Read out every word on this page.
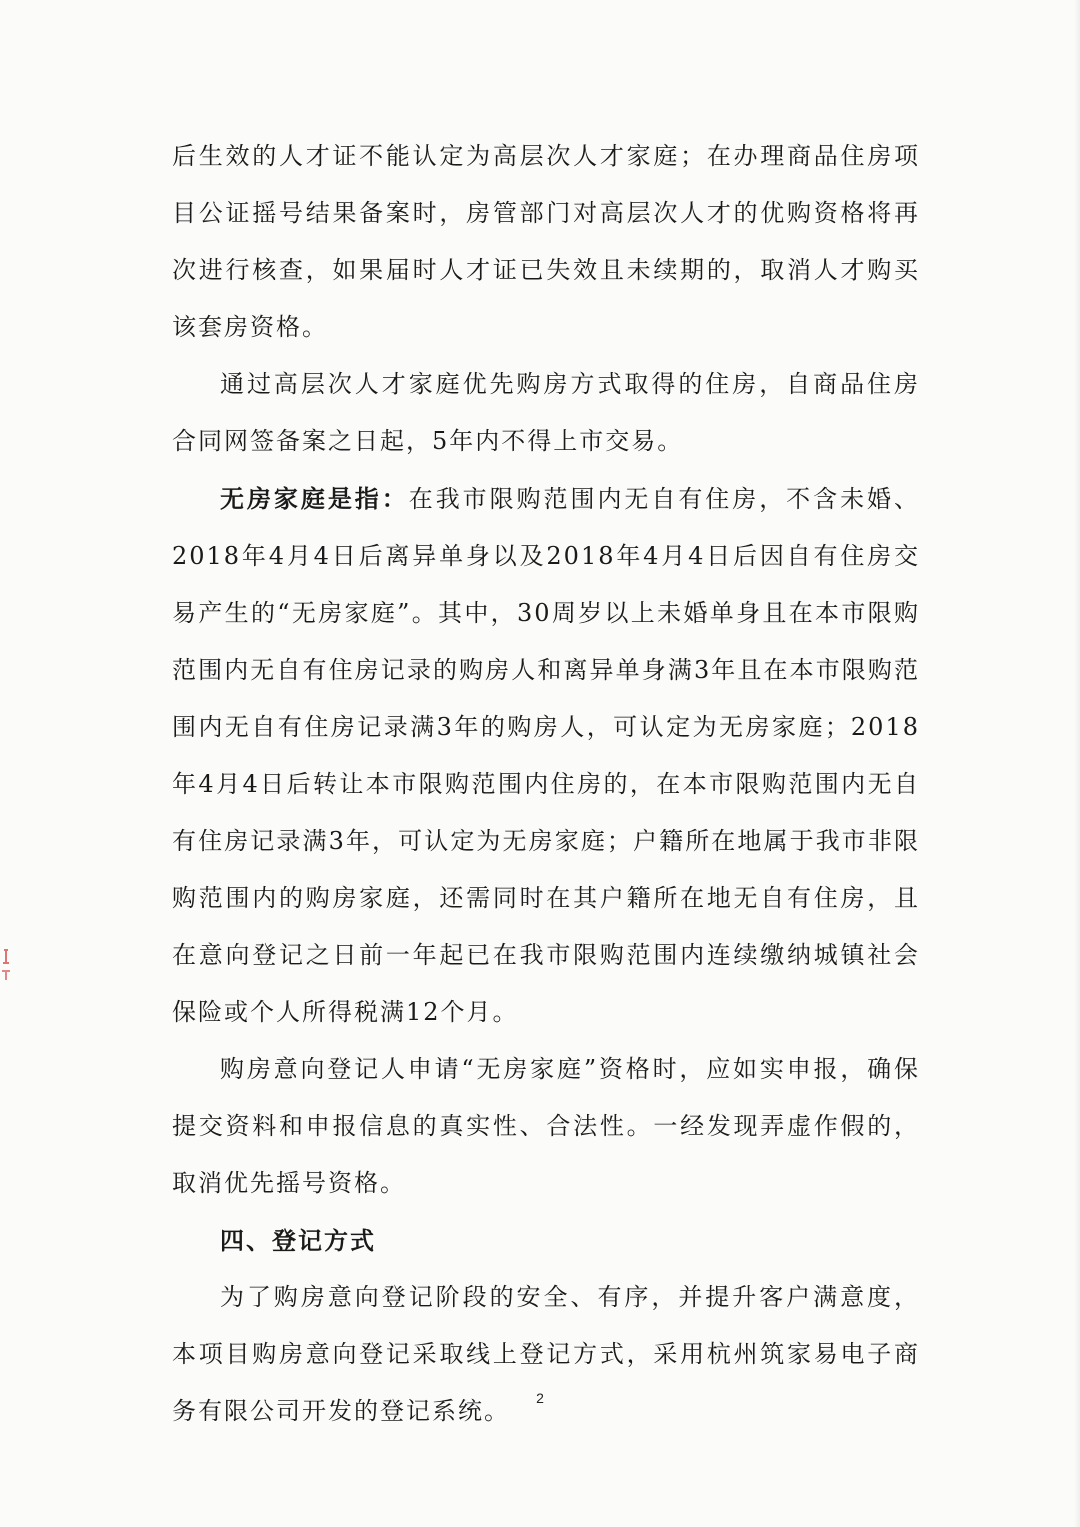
后生效的人才证不能认定为高层次人才家庭；在办理商品住房项目公证摇号结果备案时，房管部门对高层次人才的优购资格将再次进行核查，如果届时人才证已失效且未续期的，取消人才购买该套房资格。

通过高层次人才家庭优先购房方式取得的住房，自商品住房合同网签备案之日起，5年内不得上市交易。

无房家庭是指：在我市限购范围内无自有住房，不含未婚、2018年4月4日后离异单身以及2018年4月4日后因自有住房交易产生的“无房家庭”。其中，30周岁以上未婚单身且在本市限购范围内无自有住房记录的购房人和离异单身满3年且在本市限购范围内无自有住房记录满3年的购房人，可认定为无房家庭；2018年4月4日后转让本市限购范围内住房的，在本市限购范围内无自有住房记录满3年，可认定为无房家庭；户籍所在地属于我市非限购范围内的购房家庭，还需同时在其户籍所在地无自有住房，且在意向登记之日前一年起已在我市限购范围内连续缴纳城镇社会保险或个人所得税满12个月。

购房意向登记人申请“无房家庭”资格时，应如实申报，确保提交资料和申报信息的真实性、合法性。一经发现弄虚作假的，取消优先摇号资格。

四、登记方式

为了购房意向登记阶段的安全、有序，并提升客户满意度，本项目购房意向登记采取线上登记方式，采用杭州筑家易电子商务有限公司开发的登记系统。	2
